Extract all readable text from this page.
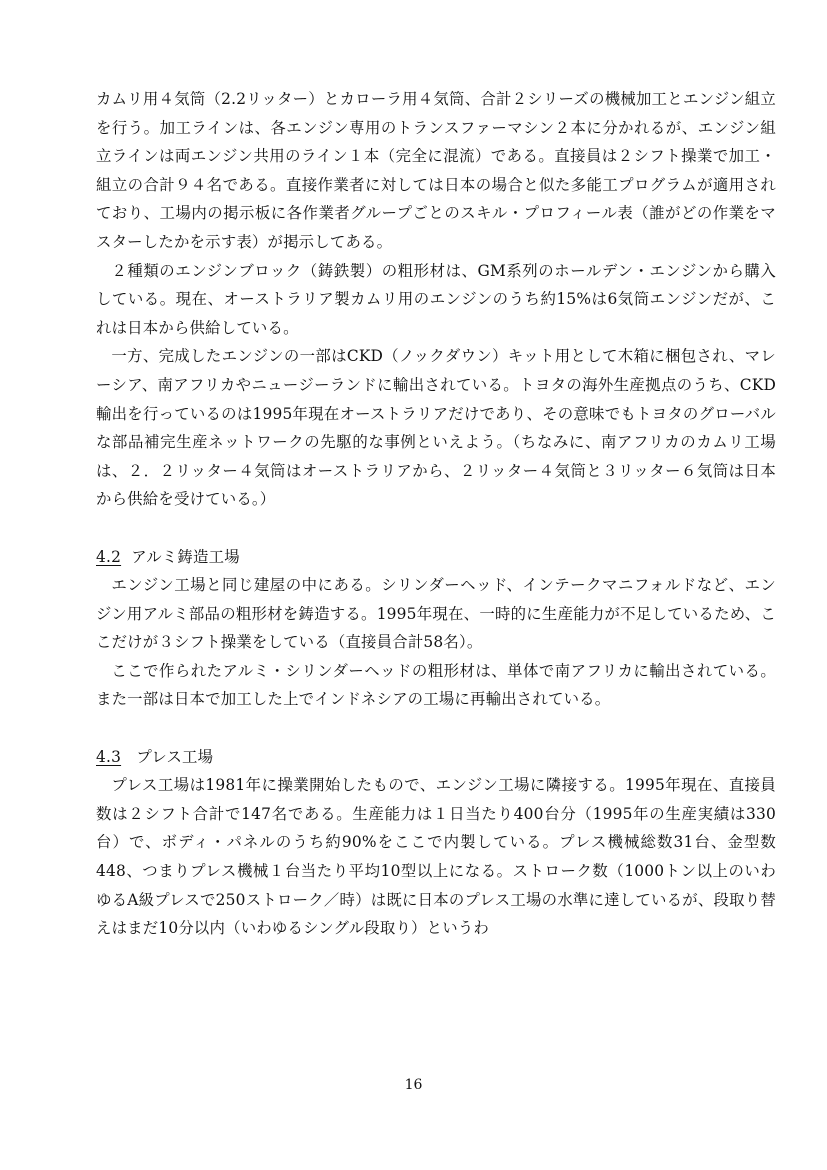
カムリ用４気筒（2.2リッター）とカローラ用４気筒、合計２シリーズの機械加工とエンジン組立を行う。加工ラインは、各エンジン専用のトランスファーマシン２本に分かれるが、エンジン組立ラインは両エンジン共用のライン１本（完全に混流）である。直接員は２シフト操業で加工・組立の合計９４名である。直接作業者に対しては日本の場合と似た多能工プログラムが適用されており、工場内の掲示板に各作業者グループごとのスキル・プロフィール表（誰がどの作業をマスターしたかを示す表）が掲示してある。

２種類のエンジンブロック（鋳鉄製）の粗形材は、GM系列のホールデン・エンジンから購入している。現在、オーストラリア製カムリ用のエンジンのうち約15%は6気筒エンジンだが、これは日本から供給している。

一方、完成したエンジンの一部はCKD（ノックダウン）キット用として木箱に梱包され、マレーシア、南アフリカやニュージーランドに輸出されている。トヨタの海外生産拠点のうち、CKD輸出を行っているのは1995年現在オーストラリアだけであり、その意味でもトヨタのグローバルな部品補完生産ネットワークの先駆的な事例といえよう。（ちなみに、南アフリカのカムリ工場は、２．２リッター４気筒はオーストラリアから、２リッター４気筒と３リッター６気筒は日本から供給を受けている。）

4.2 アルミ鋳造工場

エンジン工場と同じ建屋の中にある。シリンダーヘッド、インテークマニフォルドなど、エンジン用アルミ部品の粗形材を鋳造する。1995年現在、一時的に生産能力が不足しているため、ここだけが３シフト操業をしている（直接員合計58名）。

ここで作られたアルミ・シリンダーヘッドの粗形材は、単体で南アフリカに輸出されている。また一部は日本で加工した上でインドネシアの工場に再輸出されている。

4.3 プレス工場

プレス工場は1981年に操業開始したもので、エンジン工場に隣接する。1995年現在、直接員数は２シフト合計で147名である。生産能力は１日当たり400台分（1995年の生産実績は330台）で、ボディ・パネルのうち約90%をここで内製している。プレス機械総数31台、金型数448、つまりプレス機械１台当たり平均10型以上になる。ストローク数（1000トン以上のいわゆるA級プレスで250ストローク／時）は既に日本のプレス工場の水準に達しているが、段取り替えはまだ10分以内（いわゆるシングル段取り）というわ

16
